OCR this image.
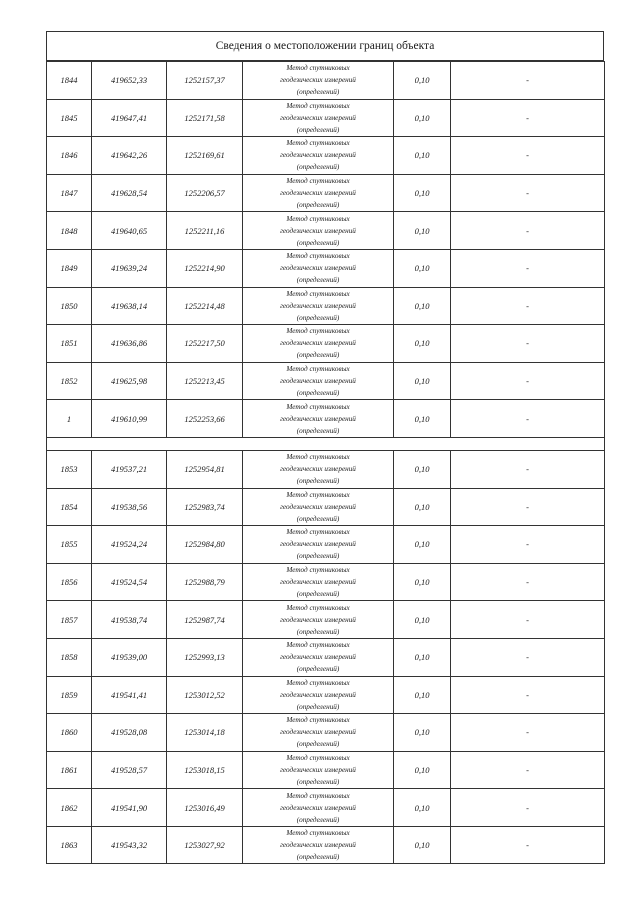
Сведения о местоположении границ объекта
1844	419652,33	1252157,37	Метод спутниковых
геодезических измерений
(определений)	0,10	-
1845	419647,41	1252171,58	Метод спутниковых
геодезических измерений
(определений)	0,10	-
1846	419642,26	1252169,61	Метод спутниковых
геодезических измерений
(определений)	0,10	-
1847	419628,54	1252206,57	Метод спутниковых
геодезических измерений
(определений)	0,10	-
1848	419640,65	1252211,16	Метод спутниковых
геодезических измерений
(определений)	0,10	-
1849	419639,24	1252214,90	Метод спутниковых
геодезических измерений
(определений)	0,10	-
1850	419638,14	1252214,48	Метод спутниковых
геодезических измерений
(определений)	0,10	-
1851	419636,86	1252217,50	Метод спутниковых
геодезических измерений
(определений)	0,10	-
1852	419625,98	1252213,45	Метод спутниковых
геодезических измерений
(определений)	0,10	-
1	419610,99	1252253,66	Метод спутниковых
геодезических измерений
(определений)	0,10	-

1853	419537,21	1252954,81	Метод спутниковых
геодезических измерений
(определений)	0,10	-
1854	419538,56	1252983,74	Метод спутниковых
геодезических измерений
(определений)	0,10	-
1855	419524,24	1252984,80	Метод спутниковых
геодезических измерений
(определений)	0,10	-
1856	419524,54	1252988,79	Метод спутниковых
геодезических измерений
(определений)	0,10	-
1857	419538,74	1252987,74	Метод спутниковых
геодезических измерений
(определений)	0,10	-
1858	419539,00	1252993,13	Метод спутниковых
геодезических измерений
(определений)	0,10	-
1859	419541,41	1253012,52	Метод спутниковых
геодезических измерений
(определений)	0,10	-
1860	419528,08	1253014,18	Метод спутниковых
геодезических измерений
(определений)	0,10	-
1861	419528,57	1253018,15	Метод спутниковых
геодезических измерений
(определений)	0,10	-
1862	419541,90	1253016,49	Метод спутниковых
геодезических измерений
(определений)	0,10	-
1863	419543,32	1253027,92	Метод спутниковых
геодезических измерений
(определений)	0,10	-
